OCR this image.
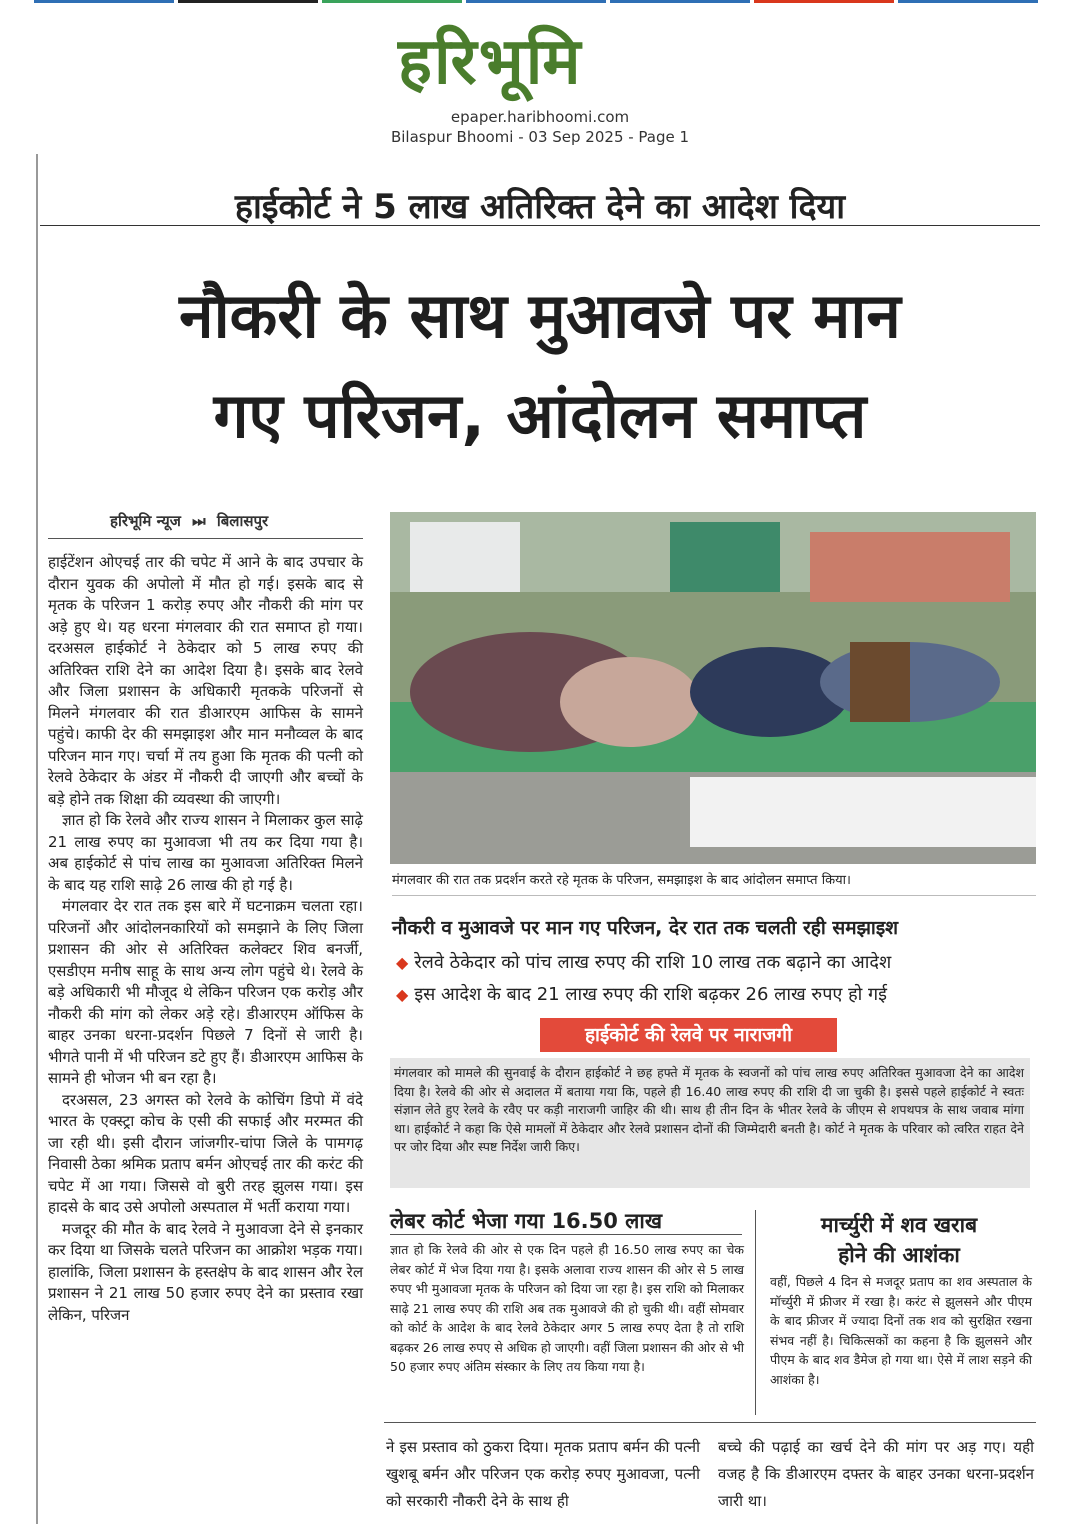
हरिभूमि
epaper.haribhoomi.com
Bilaspur Bhoomi - 03 Sep 2025 - Page 1
हाईकोर्ट ने 5 लाख अतिरिक्त देने का आदेश दिया
नौकरी के साथ मुआवजे पर मान
गए परिजन, आंदोलन समाप्त
हरिभूमि न्यूज ⏭ बिलासपुर

हाईटेंशन ओएचई तार की चपेट में आने के बाद उपचार के दौरान युवक की अपोलो में मौत हो गई। इसके बाद से मृतक के परिजन 1 करोड़ रुपए और नौकरी की मांग पर अड़े हुए थे। यह धरना मंगलवार की रात समाप्त हो गया। दरअसल हाईकोर्ट ने ठेकेदार को 5 लाख रुपए की अतिरिक्त राशि देने का आदेश दिया है। इसके बाद रेलवे और जिला प्रशासन के अधिकारी मृतकके परिजनों से मिलने मंगलवार की रात डीआरएम आफिस के सामने पहुंचे। काफी देर की समझाइश और मान मनौव्वल के बाद परिजन मान गए। चर्चा में तय हुआ कि मृतक की पत्नी को रेलवे ठेकेदार के अंडर में नौकरी दी जाएगी और बच्चों के बड़े होने तक शिक्षा की व्यवस्था की जाएगी।

ज्ञात हो कि रेलवे और राज्य शासन ने मिलाकर कुल साढ़े 21 लाख रुपए का मुआवजा भी तय कर दिया गया है। अब हाईकोर्ट से पांच लाख का मुआवजा अतिरिक्त मिलने के बाद यह राशि साढ़े 26 लाख की हो गई है।

मंगलवार देर रात तक इस बारे में घटनाक्रम चलता रहा। परिजनों और आंदोलनकारियों को समझाने के लिए जिला प्रशासन की ओर से अतिरिक्त कलेक्टर शिव बनर्जी, एसडीएम मनीष साहू के साथ अन्य लोग पहुंचे थे। रेलवे के बड़े अधिकारी भी मौजूद थे लेकिन परिजन एक करोड़ और नौकरी की मांग को लेकर अड़े रहे। डीआरएम ऑफिस के बाहर उनका धरना-प्रदर्शन पिछले 7 दिनों से जारी है। भीगते पानी में भी परिजन डटे हुए हैं। डीआरएम आफिस के सामने ही भोजन भी बन रहा है।

दरअसल, 23 अगस्त को रेलवे के कोचिंग डिपो में वंदे भारत के एक्स्ट्रा कोच के एसी की सफाई और मरम्मत की जा रही थी। इसी दौरान जांजगीर-चांपा जिले के पामगढ़ निवासी ठेका श्रमिक प्रताप बर्मन ओएचई तार की करंट की चपेट में आ गया। जिससे वो बुरी तरह झुलस गया। इस हादसे के बाद उसे अपोलो अस्पताल में भर्ती कराया गया।

मजदूर की मौत के बाद रेलवे ने मुआवजा देने से इनकार कर दिया था जिसके चलते परिजन का आक्रोश भड़क गया। हालांकि, जिला प्रशासन के हस्तक्षेप के बाद शासन और रेल प्रशासन ने 21 लाख 50 हजार रुपए देने का प्रस्ताव रखा लेकिन, परिजन

मंगलवार की रात तक प्रदर्शन करते रहे मृतक के परिजन, समझाइश के बाद आंदोलन समाप्त किया।
नौकरी व मुआवजे पर मान गए परिजन, देर रात तक चलती रही समझाइश
◆ रेलवे ठेकेदार को पांच लाख रुपए की राशि 10 लाख तक बढ़ाने का आदेश
◆ इस आदेश के बाद 21 लाख रुपए की राशि बढ़कर 26 लाख रुपए हो गई
हाईकोर्ट की रेलवे पर नाराजगी
मंगलवार को मामले की सुनवाई के दौरान हाईकोर्ट ने छह हफ्ते में मृतक के स्वजनों को पांच लाख रुपए अतिरिक्त मुआवजा देने का आदेश दिया है। रेलवे की ओर से अदालत में बताया गया कि, पहले ही 16.40 लाख रुपए की राशि दी जा चुकी है। इससे पहले हाईकोर्ट ने स्वतः संज्ञान लेते हुए रेलवे के रवैए पर कड़ी नाराजगी जाहिर की थी। साथ ही तीन दिन के भीतर रेलवे के जीएम से शपथपत्र के साथ जवाब मांगा था। हाईकोर्ट ने कहा कि ऐसे मामलों में ठेकेदार और रेलवे प्रशासन दोनों की जिम्मेदारी बनती है। कोर्ट ने मृतक के परिवार को त्वरित राहत देने पर जोर दिया और स्पष्ट निर्देश जारी किए।
लेबर कोर्ट भेजा गया 16.50 लाख
ज्ञात हो कि रेलवे की ओर से एक दिन पहले ही 16.50 लाख रुपए का चेक लेबर कोर्ट में भेज दिया गया है। इसके अलावा राज्य शासन की ओर से 5 लाख रुपए भी मुआवजा मृतक के परिजन को दिया जा रहा है। इस राशि को मिलाकर साढ़े 21 लाख रुपए की राशि अब तक मुआवजे की हो चुकी थी। वहीं सोमवार को कोर्ट के आदेश के बाद रेलवे ठेकेदार अगर 5 लाख रुपए देता है तो राशि बढ़कर 26 लाख रुपए से अधिक हो जाएगी। वहीं जिला प्रशासन की ओर से भी 50 हजार रुपए अंतिम संस्कार के लिए तय किया गया है।
मार्च्युरी में शव खराब
होने की आशंका
वहीं, पिछले 4 दिन से मजदूर प्रताप का शव अस्पताल के मॉर्च्युरी में फ्रीजर में रखा है। करंट से झुलसने और पीएम के बाद फ्रीजर में ज्यादा दिनों तक शव को सुरक्षित रखना संभव नहीं है। चिकित्सकों का कहना है कि झुलसने और पीएम के बाद शव डैमेज हो गया था। ऐसे में लाश सड़ने की आशंका है।
ने इस प्रस्ताव को ठुकरा दिया। मृतक प्रताप बर्मन की पत्नी खुशबू बर्मन और परिजन एक करोड़ रुपए मुआवजा, पत्नी को सरकारी नौकरी देने के साथ ही
बच्चे की पढ़ाई का खर्च देने की मांग पर अड़ गए। यही वजह है कि डीआरएम दफ्तर के बाहर उनका धरना-प्रदर्शन जारी था।
